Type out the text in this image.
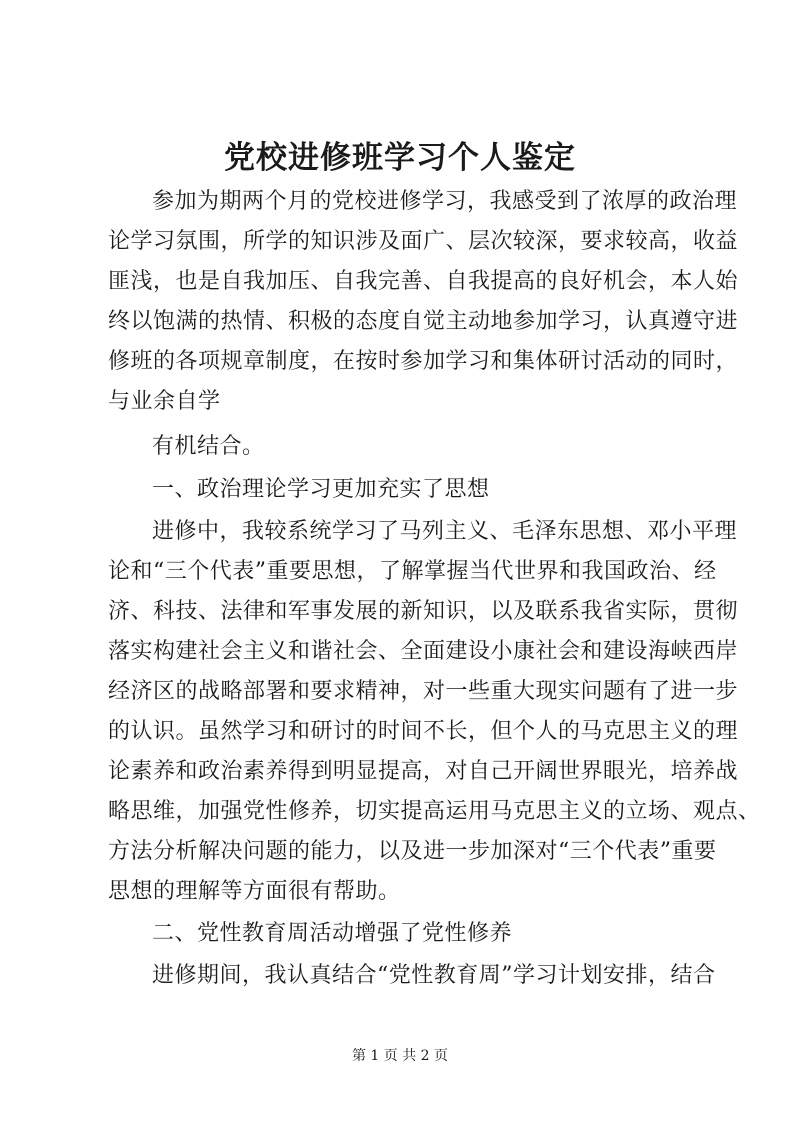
党校进修班学习个人鉴定
参加为期两个月的党校进修学习，我感受到了浓厚的政治理
论学习氛围，所学的知识涉及面广、层次较深，要求较高，收益
匪浅，也是自我加压、自我完善、自我提高的良好机会，本人始
终以饱满的热情、积极的态度自觉主动地参加学习，认真遵守进
修班的各项规章制度，在按时参加学习和集体研讨活动的同时，
与业余自学
有机结合。
一、政治理论学习更加充实了思想
进修中，我较系统学习了马列主义、毛泽东思想、邓小平理
论和“三个代表”重要思想，了解掌握当代世界和我国政治、经
济、科技、法律和军事发展的新知识，以及联系我省实际，贯彻
落实构建社会主义和谐社会、全面建设小康社会和建设海峡西岸
经济区的战略部署和要求精神，对一些重大现实问题有了进一步
的认识。虽然学习和研讨的时间不长，但个人的马克思主义的理
论素养和政治素养得到明显提高，对自己开阔世界眼光，培养战
略思维，加强党性修养，切实提高运用马克思主义的立场、观点、
方法分析解决问题的能力，以及进一步加深对“三个代表”重要
思想的理解等方面很有帮助。
二、党性教育周活动增强了党性修养
进修期间，我认真结合“党性教育周”学习计划安排，结合
第 1 页 共 2 页
